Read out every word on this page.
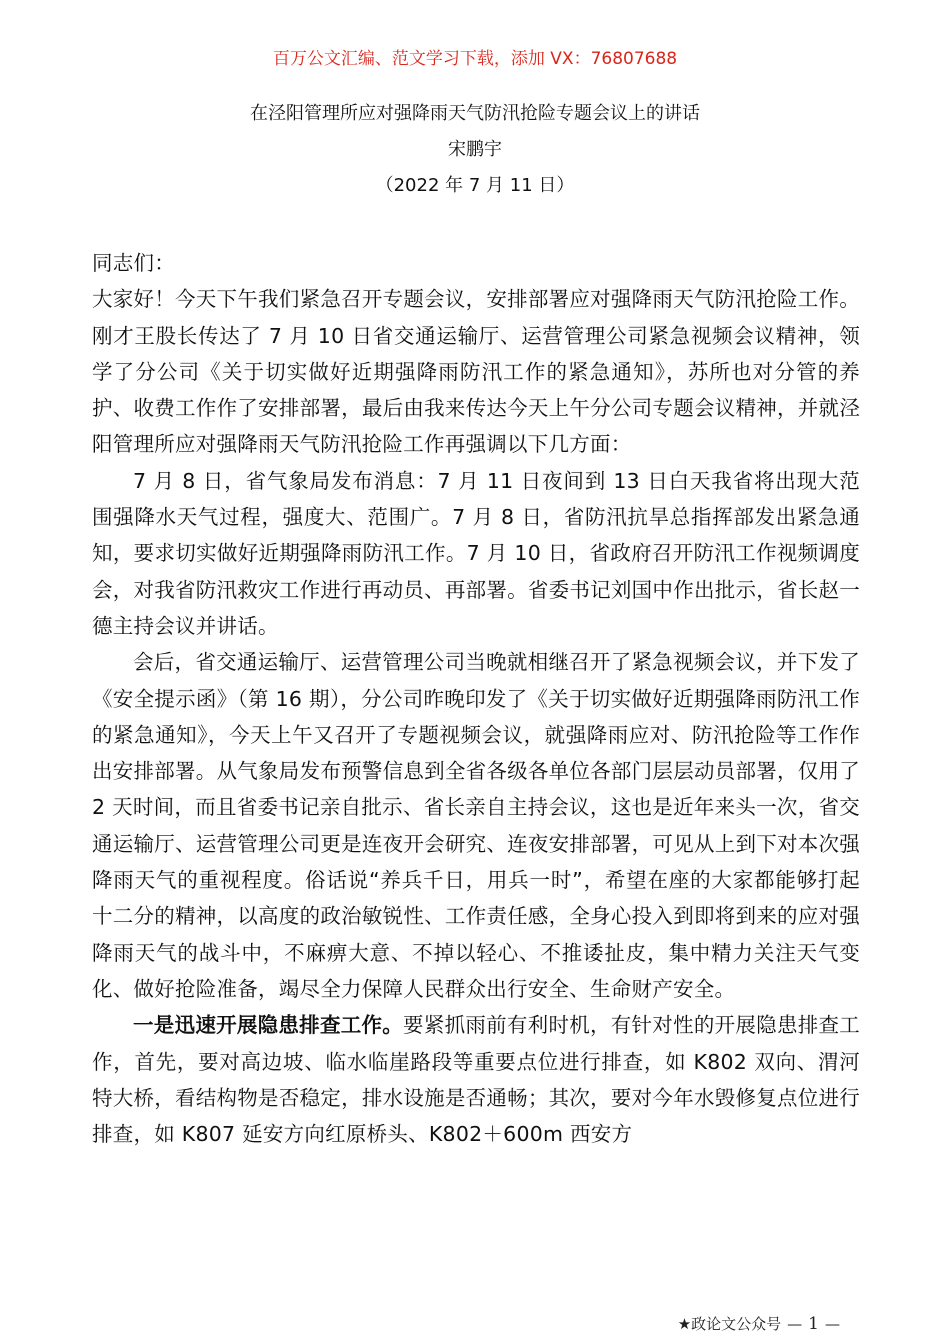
百万公文汇编、范文学习下载，添加 VX：76807688
在泾阳管理所应对强降雨天气防汛抢险专题会议上的讲话
宋鹏宇
（2022 年 7 月 11 日）

同志们：

大家好！今天下午我们紧急召开专题会议，安排部署应对强降雨天气防汛抢险工作。刚才王股长传达了 7 月 10 日省交通运输厅、运营管理公司紧急视频会议精神，领学了分公司《关于切实做好近期强降雨防汛工作的紧急通知》，苏所也对分管的养护、收费工作作了安排部署，最后由我来传达今天上午分公司专题会议精神，并就泾阳管理所应对强降雨天气防汛抢险工作再强调以下几方面：

7 月 8 日，省气象局发布消息：7 月 11 日夜间到 13 日白天我省将出现大范围强降水天气过程，强度大、范围广。7 月 8 日，省防汛抗旱总指挥部发出紧急通知，要求切实做好近期强降雨防汛工作。7 月 10 日，省政府召开防汛工作视频调度会，对我省防汛救灾工作进行再动员、再部署。省委书记刘国中作出批示，省长赵一德主持会议并讲话。

会后，省交通运输厅、运营管理公司当晚就相继召开了紧急视频会议，并下发了《安全提示函》（第 16 期），分公司昨晚印发了《关于切实做好近期强降雨防汛工作的紧急通知》，今天上午又召开了专题视频会议，就强降雨应对、防汛抢险等工作作出安排部署。从气象局发布预警信息到全省各级各单位各部门层层动员部署，仅用了 2 天时间，而且省委书记亲自批示、省长亲自主持会议，这也是近年来头一次，省交通运输厅、运营管理公司更是连夜开会研究、连夜安排部署，可见从上到下对本次强降雨天气的重视程度。俗话说“养兵千日，用兵一时”，希望在座的大家都能够打起十二分的精神，以高度的政治敏锐性、工作责任感，全身心投入到即将到来的应对强降雨天气的战斗中，不麻痹大意、不掉以轻心、不推诿扯皮，集中精力关注天气变化、做好抢险准备，竭尽全力保障人民群众出行安全、生命财产安全。

一是迅速开展隐患排查工作。要紧抓雨前有利时机，有针对性的开展隐患排查工作，首先，要对高边坡、临水临崖路段等重要点位进行排查，如 K802 双向、渭河特大桥，看结构物是否稳定，排水设施是否通畅；其次，要对今年水毁修复点位进行排查，如 K807 延安方向红原桥头、K802＋600m 西安方

★政论文公众号 — 1 —
